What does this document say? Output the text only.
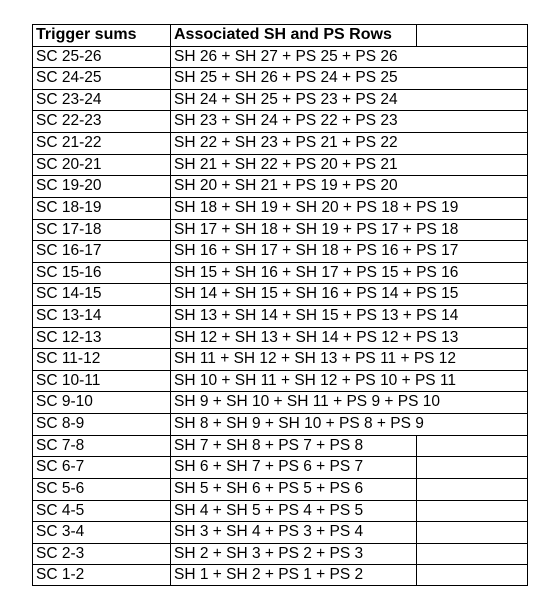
Trigger sums	Associated SH and PS Rows
SC 25-26	SH 26 + SH 27 + PS 25 + PS 26
SC 24-25	SH 25 + SH 26 + PS 24 + PS 25
SC 23-24	SH 24 + SH 25 + PS 23 + PS 24
SC 22-23	SH 23 + SH 24 + PS 22 + PS 23
SC 21-22	SH 22 + SH 23 + PS 21 + PS 22
SC 20-21	SH 21 + SH 22 + PS 20 + PS 21
SC 19-20	SH 20 + SH 21 + PS 19 + PS 20
SC 18-19	SH 18 + SH 19 + SH 20 + PS 18 + PS 19
SC 17-18	SH 17 + SH 18 + SH 19 + PS 17 + PS 18
SC 16-17	SH 16 + SH 17 + SH 18 + PS 16 + PS 17
SC 15-16	SH 15 + SH 16 + SH 17 + PS 15 + PS 16
SC 14-15	SH 14 + SH 15 + SH 16 + PS 14 + PS 15
SC 13-14	SH 13 + SH 14 + SH 15 + PS 13 + PS 14
SC 12-13	SH 12 + SH 13 + SH 14 + PS 12 + PS 13
SC 11-12	SH 11 + SH 12 + SH 13 + PS 11 + PS 12
SC 10-11	SH 10 + SH 11 + SH 12 + PS 10 + PS 11
SC 9-10	SH 9 + SH 10 + SH 11 + PS 9 + PS 10
SC 8-9	SH 8 + SH 9 + SH 10 + PS 8 + PS 9
SC 7-8	SH 7 + SH 8 + PS 7 + PS 8
SC 6-7	SH 6 + SH 7 + PS 6 + PS 7
SC 5-6	SH 5 + SH 6 + PS 5 + PS 6
SC 4-5	SH 4 + SH 5 + PS 4 + PS 5
SC 3-4	SH 3 + SH 4 + PS 3 + PS 4
SC 2-3	SH 2 + SH 3 + PS 2 + PS 3
SC 1-2	SH 1 + SH 2 + PS 1 + PS 2
